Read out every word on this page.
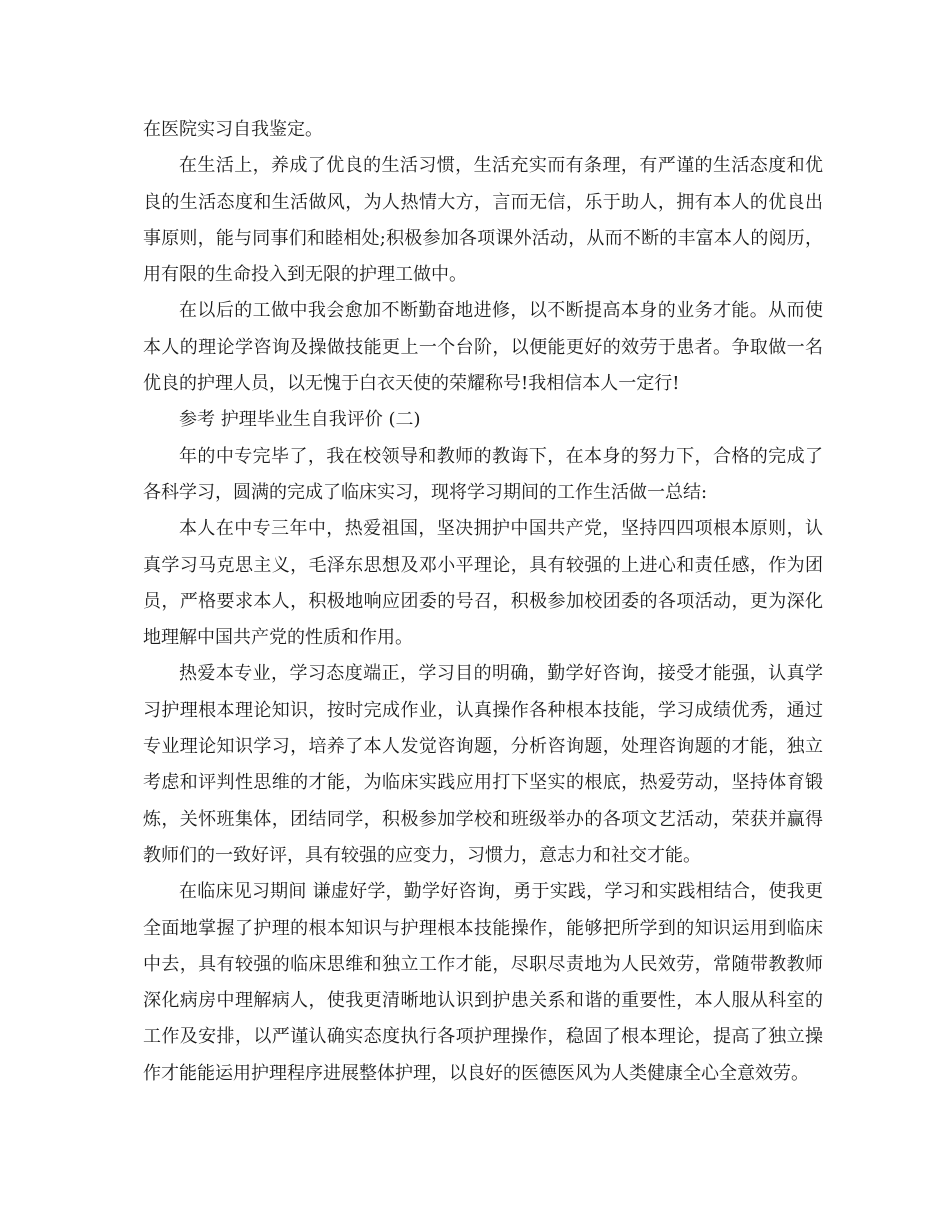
在医院实习自我鉴定。

在生活上，养成了优良的生活习惯，生活充实而有条理，有严谨的生活态度和优良的生活态度和生活做风，为人热情大方，言而无信，乐于助人，拥有本人的优良出事原则，能与同事们和睦相处;积极参加各项课外活动，从而不断的丰富本人的阅历，用有限的生命投入到无限的护理工做中。

在以后的工做中我会愈加不断勤奋地进修，以不断提高本身的业务才能。从而使本人的理论学咨询及操做技能更上一个台阶，以便能更好的效劳于患者。争取做一名优良的护理人员，以无愧于白衣天使的荣耀称号!我相信本人一定行!

参考 护理毕业生自我评价 (二)

年的中专完毕了，我在校领导和教师的教诲下，在本身的努力下，合格的完成了各科学习，圆满的完成了临床实习，现将学习期间的工作生活做一总结:

本人在中专三年中，热爱祖国，坚决拥护中国共产党，坚持四四项根本原则，认真学习马克思主义，毛泽东思想及邓小平理论，具有较强的上进心和责任感，作为团员，严格要求本人，积极地响应团委的号召，积极参加校团委的各项活动，更为深化地理解中国共产党的性质和作用。

热爱本专业，学习态度端正，学习目的明确，勤学好咨询，接受才能强，认真学习护理根本理论知识，按时完成作业，认真操作各种根本技能，学习成绩优秀，通过专业理论知识学习，培养了本人发觉咨询题，分析咨询题，处理咨询题的才能，独立考虑和评判性思维的才能，为临床实践应用打下坚实的根底，热爱劳动，坚持体育锻炼，关怀班集体，团结同学，积极参加学校和班级举办的各项文艺活动，荣获并赢得教师们的一致好评，具有较强的应变力，习惯力，意志力和社交才能。

在临床见习期间 谦虚好学，勤学好咨询，勇于实践，学习和实践相结合，使我更全面地掌握了护理的根本知识与护理根本技能操作，能够把所学到的知识运用到临床中去，具有较强的临床思维和独立工作才能，尽职尽责地为人民效劳，常随带教教师深化病房中理解病人，使我更清晰地认识到护患关系和谐的重要性，本人服从科室的工作及安排，以严谨认确实态度执行各项护理操作，稳固了根本理论，提高了独立操作才能能运用护理程序进展整体护理，以良好的医德医风为人类健康全心全意效劳。
